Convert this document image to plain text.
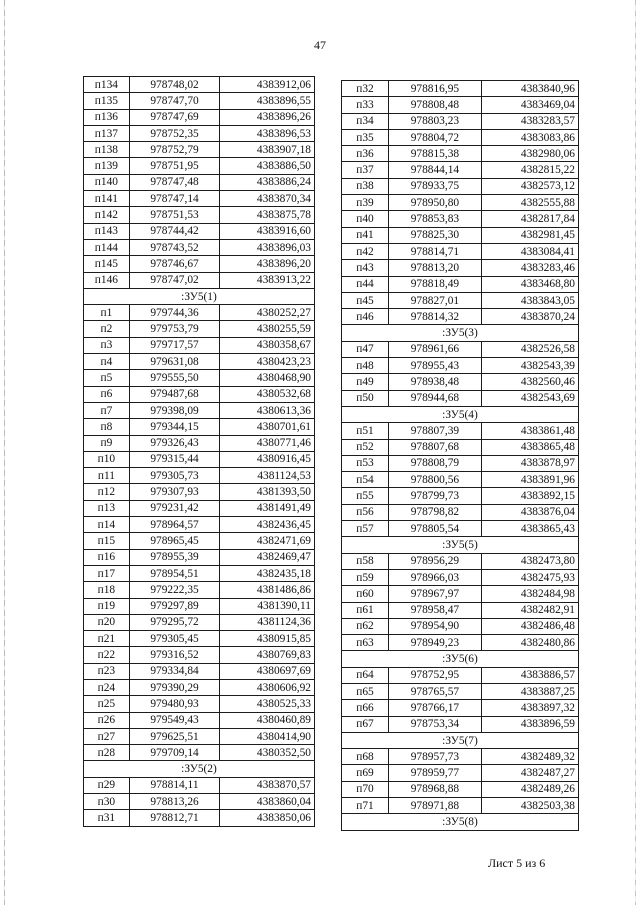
47
п134	978748,02	4383912,06
п135	978747,70	4383896,55
п136	978747,69	4383896,26
п137	978752,35	4383896,53
п138	978752,79	4383907,18
п139	978751,95	4383886,50
п140	978747,48	4383886,24
п141	978747,14	4383870,34
п142	978751,53	4383875,78
п143	978744,42	4383916,60
п144	978743,52	4383896,03
п145	978746,67	4383896,20
п146	978747,02	4383913,22
:ЗУ5(1)		
п1	979744,36	4380252,27
п2	979753,79	4380255,59
п3	979717,57	4380358,67
п4	979631,08	4380423,23
п5	979555,50	4380468,90
п6	979487,68	4380532,68
п7	979398,09	4380613,36
п8	979344,15	4380701,61
п9	979326,43	4380771,46
п10	979315,44	4380916,45
п11	979305,73	4381124,53
п12	979307,93	4381393,50
п13	979231,42	4381491,49
п14	978964,57	4382436,45
п15	978965,45	4382471,69
п16	978955,39	4382469,47
п17	978954,51	4382435,18
п18	979222,35	4381486,86
п19	979297,89	4381390,11
п20	979295,72	4381124,36
п21	979305,45	4380915,85
п22	979316,52	4380769,83
п23	979334,84	4380697,69
п24	979390,29	4380606,92
п25	979480,93	4380525,33
п26	979549,43	4380460,89
п27	979625,51	4380414,90
п28	979709,14	4380352,50
:ЗУ5(2)		
п29	978814,11	4383870,57
п30	978813,26	4383860,04
п31	978812,71	4383850,06
п32	978816,95	4383840,96
п33	978808,48	4383469,04
п34	978803,23	4383283,57
п35	978804,72	4383083,86
п36	978815,38	4382980,06
п37	978844,14	4382815,22
п38	978933,75	4382573,12
п39	978950,80	4382555,88
п40	978853,83	4382817,84
п41	978825,30	4382981,45
п42	978814,71	4383084,41
п43	978813,20	4383283,46
п44	978818,49	4383468,80
п45	978827,01	4383843,05
п46	978814,32	4383870,24
:ЗУ5(3)		
п47	978961,66	4382526,58
п48	978955,43	4382543,39
п49	978938,48	4382560,46
п50	978944,68	4382543,69
:ЗУ5(4)		
п51	978807,39	4383861,48
п52	978807,68	4383865,48
п53	978808,79	4383878,97
п54	978800,56	4383891,96
п55	978799,73	4383892,15
п56	978798,82	4383876,04
п57	978805,54	4383865,43
:ЗУ5(5)		
п58	978956,29	4382473,80
п59	978966,03	4382475,93
п60	978967,97	4382484,98
п61	978958,47	4382482,91
п62	978954,90	4382486,48
п63	978949,23	4382480,86
:ЗУ5(6)		
п64	978752,95	4383886,57
п65	978765,57	4383887,25
п66	978766,17	4383897,32
п67	978753,34	4383896,59
:ЗУ5(7)		
п68	978957,73	4382489,32
п69	978959,77	4382487,27
п70	978968,88	4382489,26
п71	978971,88	4382503,38
:ЗУ5(8)		
Лист 5 из 6
